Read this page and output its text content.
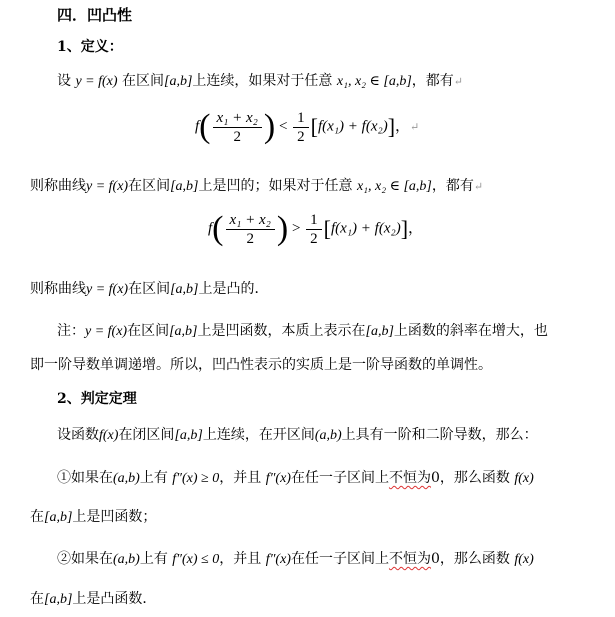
四．凹凸性
1、定义：
设 y = f(x) 在区间[a,b]上连续，如果对于任意 x₁, x₂ ∈ [a,b]，都有↵
$f( \frac{\text{x₁ + x₂}}{2}$ ) < $\frac{1}{2} [f(x_1) + f(x_2)]$，↵
则称曲线y = f(x)在区间[a,b]上是凹的；如果对于任意 x₁, x₂ ∈ [a,b]，都有↵
$f( \frac{\text{x₁ + x₂}}{2}$ ) > $\frac{1}{2} [f(x_1) + f(x_2)]$，
则称曲线y = f(x)在区间[a,b]上是凸的．
注：y = f(x)在区间[a,b]上是凹函数，本质上表示在[a,b]上函数的斜率在增大，也
即一阶导数单调递增。所以，凹凸性表示的实质上是一阶导函数的单调性。
2、判定定理
设函数f(x)在闭区间[a,b]上连续，在开区间(a,b)上具有一阶和二阶导数，那么：
①如果在(a,b)上有 f″(x) ≥ 0，并且 f″(x)在任一子区间上不恒为0，那么函数 f(x)
在[a,b]上是凹函数；
②如果在(a,b)上有 f″(x) ≤ 0，并且 f″(x)在任一子区间上不恒为0，那么函数 f(x)
在[a,b]上是凸函数．
